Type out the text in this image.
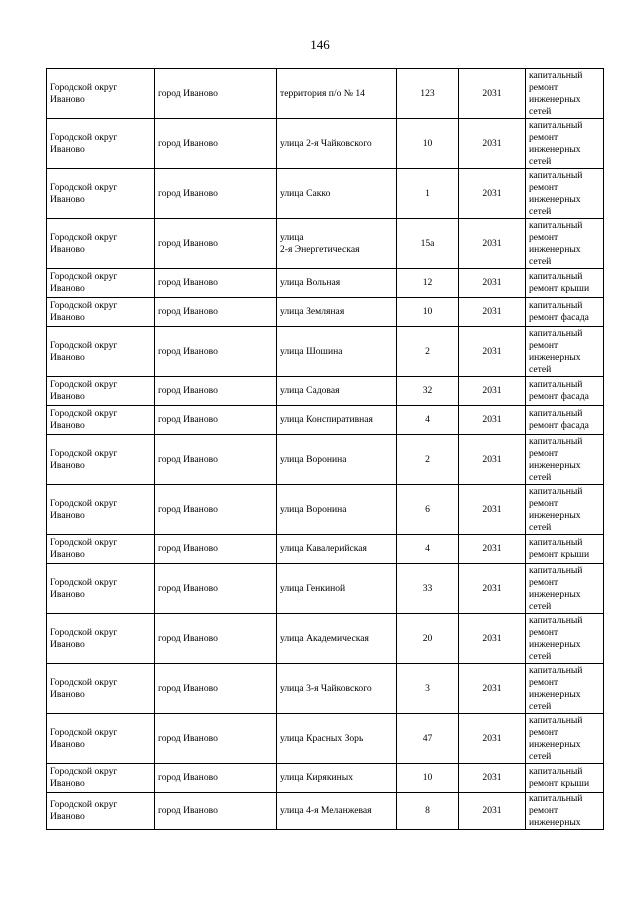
146
Городской округ
Иваново	город Иваново	территория п/о № 14	123	2031	капитальный
ремонт
инженерных
сетей

Городской округ
Иваново	город Иваново	улица 2-я Чайковского	10	2031	капитальный
ремонт
инженерных
сетей

Городской округ
Иваново	город Иваново	улица Сакко	1	2031	капитальный
ремонт
инженерных
сетей

Городской округ
Иваново	город Иваново	улица
2-я Энергетическая	15а	2031	капитальный
ремонт
инженерных
сетей

Городской округ
Иваново	город Иваново	улица Вольная	12	2031	капитальный
ремонт крыши

Городской округ
Иваново	город Иваново	улица Земляная	10	2031	капитальный
ремонт фасада

Городской округ
Иваново	город Иваново	улица Шошина	2	2031	капитальный
ремонт
инженерных
сетей

Городской округ
Иваново	город Иваново	улица Садовая	32	2031	капитальный
ремонт фасада

Городской округ
Иваново	город Иваново	улица Конспиративная	4	2031	капитальный
ремонт фасада

Городской округ
Иваново	город Иваново	улица Воронина	2	2031	капитальный
ремонт
инженерных
сетей

Городской округ
Иваново	город Иваново	улица Воронина	6	2031	капитальный
ремонт
инженерных
сетей

Городской округ
Иваново	город Иваново	улица Кавалерийская	4	2031	капитальный
ремонт крыши

Городской округ
Иваново	город Иваново	улица Генкиной	33	2031	капитальный
ремонт
инженерных
сетей

Городской округ
Иваново	город Иваново	улица Академическая	20	2031	капитальный
ремонт
инженерных
сетей

Городской округ
Иваново	город Иваново	улица 3-я Чайковского	3	2031	капитальный
ремонт
инженерных
сетей

Городской округ
Иваново	город Иваново	улица Красных Зорь	47	2031	капитальный
ремонт
инженерных
сетей

Городской округ
Иваново	город Иваново	улица Кирякиных	10	2031	капитальный
ремонт крыши

Городской округ
Иваново	город Иваново	улица 4-я Меланжевая	8	2031	капитальный
ремонт
инженерных
